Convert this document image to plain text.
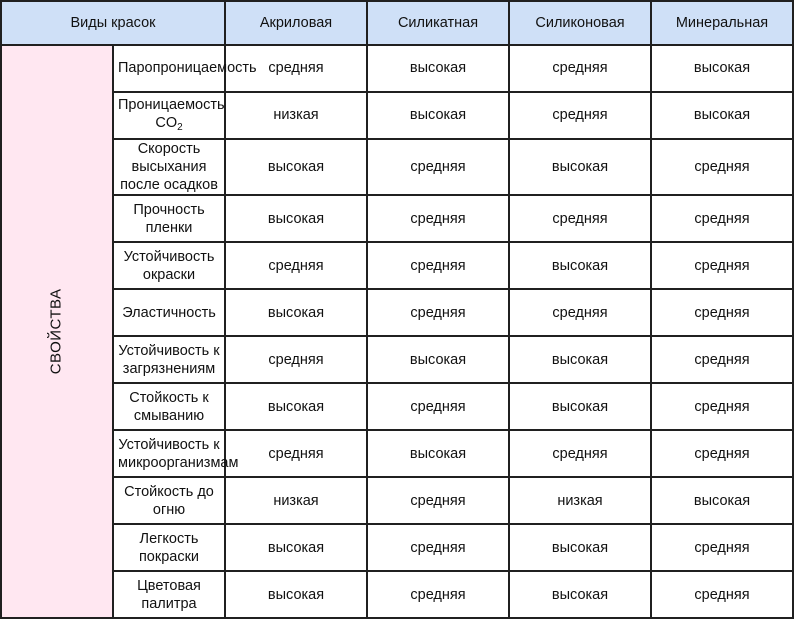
Виды красок		Акриловая	Силикатная	Силиконовая	Минеральная
СВОЙСТВА	Паропроницаемость	средняя	высокая	средняя	высокая
	Проницаемость $CO_2$	низкая	высокая	средняя	высокая
	Скорость высыхания после осадков	высокая	средняя	высокая	средняя
	Прочность пленки	высокая	средняя	средняя	средняя
	Устойчивость окраски	средняя	средняя	высокая	средняя
	Эластичность	высокая	средняя	средняя	средняя
	Устойчивость к загрязнениям	средняя	высокая	высокая	средняя
	Стойкость к смыванию	высокая	средняя	высокая	средняя
	Устойчивость к микроорганизмам	средняя	высокая	средняя	средняя
	Стойкость до огню	низкая	средняя	низкая	высокая
	Легкость покраски	высокая	средняя	высокая	средняя
	Цветовая палитра	высокая	средняя	высокая	средняя
